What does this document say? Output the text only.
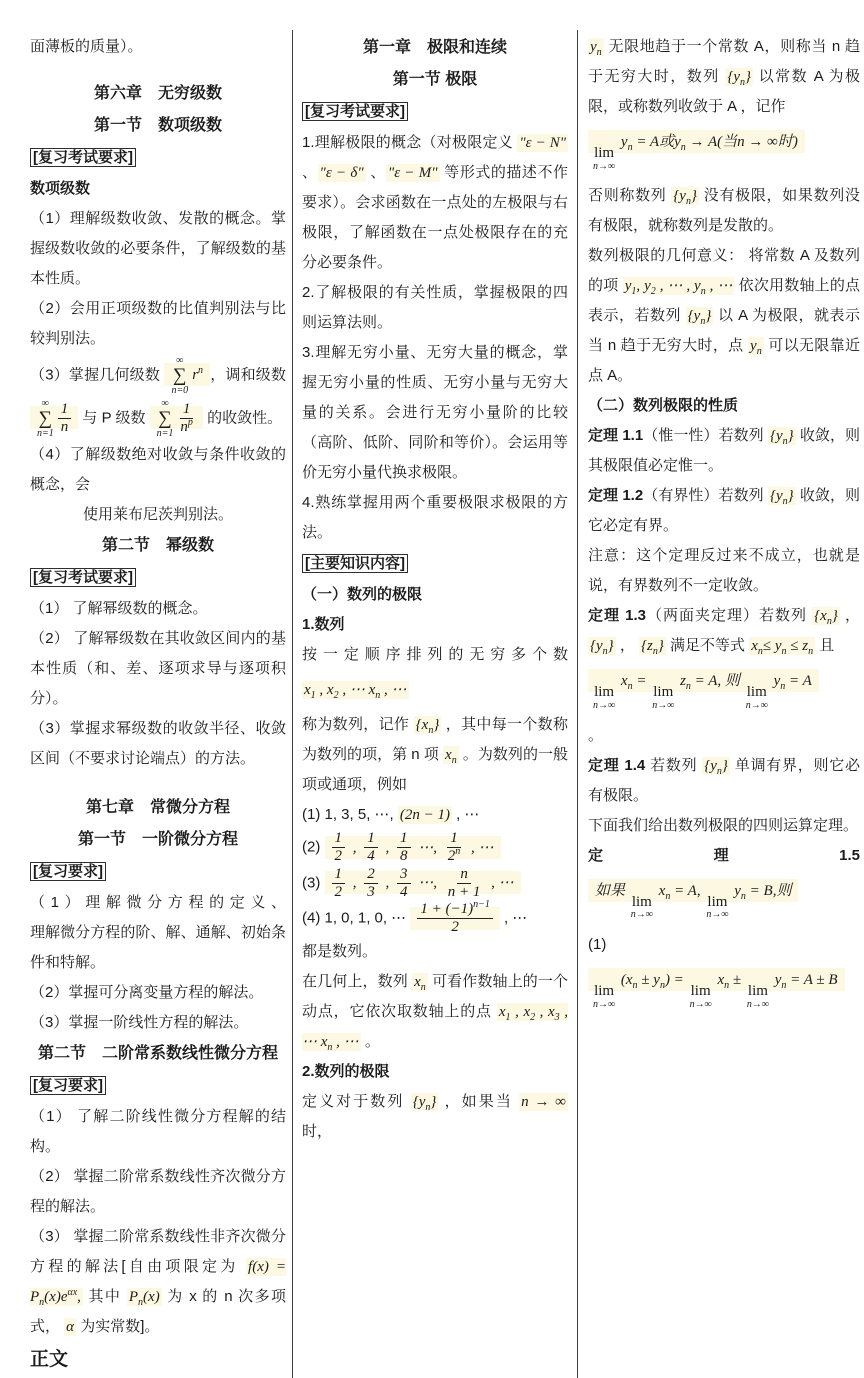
面薄板的质量）。
第六章　无穷级数
第一节　数项级数
[复习考试要求]
数项级数
（1）理解级数收敛、发散的概念。掌握级数收敛的必要条件，了解级数的基本性质。
（2）会用正项级数的比值判别法与比较判别法。
（3）掌握几何级数
∞
∑
n=0
$r^n$ ，调和级数
∞
∑
$n=1 \frac{1}{n}$ 与 P 级数
∞
∑
$n=1 \frac{1}{n^p}$ 的收敛性。
（4）了解级数绝对收敛与条件收敛的概念，会
使用莱布尼茨判别法。
第二节　幂级数
[复习考试要求]
（1） 了解幂级数的概念。
（2） 了解幂级数在其收敛区间内的基本性质（和、差、逐项求导与逐项积分）。
（3）掌握求幂级数的收敛半径、收敛区间（不要求讨论端点）的方法。
第七章　常微分方程
第一节　一阶微分方程
[复习要求]
（1）理解微分方程的定义、
理解微分方程的阶、解、通解、初始条件和特解。
（2）掌握可分离变量方程的解法。
（3）掌握一阶线性方程的解法。
第二节　二阶常系数线性微分方程
[复习要求]
（1） 了解二阶线性微分方程解的结构。
（2） 掌握二阶常系数线性齐次微分方程的解法。
（3） 掌握二阶常系数线性非齐次微分方程的解法[自由项限定为 $f(x) = P_n(x)e^{\alpha x}$, 其中 $P_n(x)$ 为 x 的 n 次多项式， α 为实常数]。
正文
第一章　极限和连续
第一节 极限
[复习考试要求]
1.理解极限的概念（对极限定义 "ε − N" 、 "ε − δ" 、 "ε − M" 等形式的描述不作要求）。会求函数在一点处的左极限与右极限，了解函数在一点处极限存在的充分必要条件。
2.了解极限的有关性质，掌握极限的四则运算法则。
3.理解无穷小量、无穷大量的概念，掌握无穷小量的性质、无穷小量与无穷大量的关系。会进行无穷小量阶的比较（高阶、低阶、同阶和等价）。会运用等价无穷小量代换求极限。
4.熟练掌握用两个重要极限求极限的方法。
[主要知识内容]
（一）数列的极限
1.数列
按一定顺序排列的无穷多个数
$x_1$ , $x_2$ , ⋯ $x_n$ , ⋯
称为数列，记作 $\{x_n\}$ ，其中每一个数称为数列的项，第 n 项 $x_n$ 。为数列的一般项或通项，例如
(1) 1, 3, 5, ⋯, (2n − 1) , ⋯
$(2) \frac{1}{2}$ , $\frac{1}{4}$ , $\frac{1}{8}$ ⋯, $\frac{1}{2^n}$ , ⋯
$(3) \frac{1}{2}$ , $\frac{2}{3}$ , $\frac{3}{4}$ ⋯, $\frac{n}{n + 1}$ , ⋯
(4) 1, 0, 1, 0, ⋯ $\frac{1 + (-1)^{n-1}}{2}$ , ⋯
都是数列。
在几何上，数列 $x_n$ 可看作数轴上的一个动点，它依次取数轴上的点 $x_1$ , $x_2$ , $x_3$ , ⋯ $x_n$ , ⋯ 。
2.数列的极限
定义对于数列 $\{y_n\}$ ，如果当 n → ∞ 时，
$y_n$ 无限地趋于一个常数 A，则称当 n 趋于无穷大时，数列 $\{y_n\}$ 以常数 A 为极限，或称数列收敛于 A ，记作
lim
n→∞
$y_n = A$或$y_n \to A$(当n → ∞时)
否则称数列 $\{y_n\}$ 没有极限，如果数列没有极限，就称数列是发散的。
数列极限的几何意义： 将常数 A 及数列的项 $y_1$, $y_2$ , ⋯ , $y_n$ , ⋯ 依次用数轴上的点表示，若数列 $\{y_n\}$ 以 A 为极限，就表示当 n 趋于无穷大时，点 $y_n$ 可以无限靠近点 A。
（二）数列极限的性质
定理 1.1（惟一性）若数列 $\{y_n\}$ 收敛，则其极限值必定惟一。
定理 1.2（有界性）若数列 $\{y_n\}$ 收敛，则它必定有界。
注意：这个定理反过来不成立，也就是说，有界数列不一定收敛。
定理 1.3（两面夹定理）若数列 $\{x_n\}$ ， $\{y_n\}$ ， $\{z_n\}$ 满足不等式 $x_n\le y_n \le z_n$ 且
lim
n→∞
$x_n$ =
lim
n→∞
$z_n = A$, 则
lim
n→∞
$y_n = A$
。
定理 1.4 若数列 $\{y_n\}$ 单调有界，则它必有极限。
下面我们给出数列极限的四则运算定理。
定 理 1.5
如果
lim
n→∞
$x_n = A$,
lim
n→∞
$y_n = B$,则
(1)
lim
n→∞
$(x_n \pm y_n)$ =
lim
n→∞
$x_n$ ±
lim
n→∞
$y_n = A \pm B$
